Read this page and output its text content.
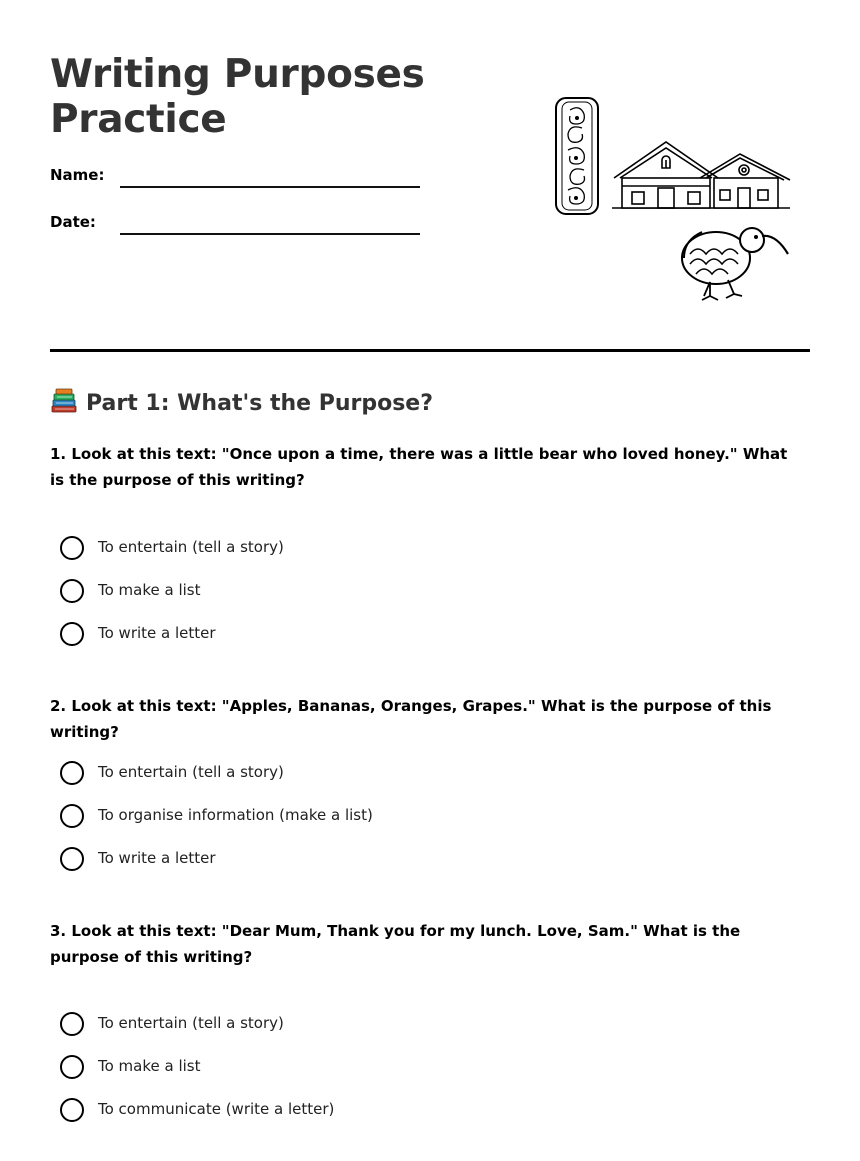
Writing Purposes
Practice
Name:
Date:
Part 1: What's the Purpose?

1. Look at this text: "Once upon a time, there was a little bear who loved honey." What is the purpose of this writing?

To entertain (tell a story)
To make a list
To write a letter

2. Look at this text: "Apples, Bananas, Oranges, Grapes." What is the purpose of this writing?

To entertain (tell a story)
To organise information (make a list)
To write a letter

3. Look at this text: "Dear Mum, Thank you for my lunch. Love, Sam." What is the purpose of this writing?

To entertain (tell a story)
To make a list
To communicate (write a letter)
